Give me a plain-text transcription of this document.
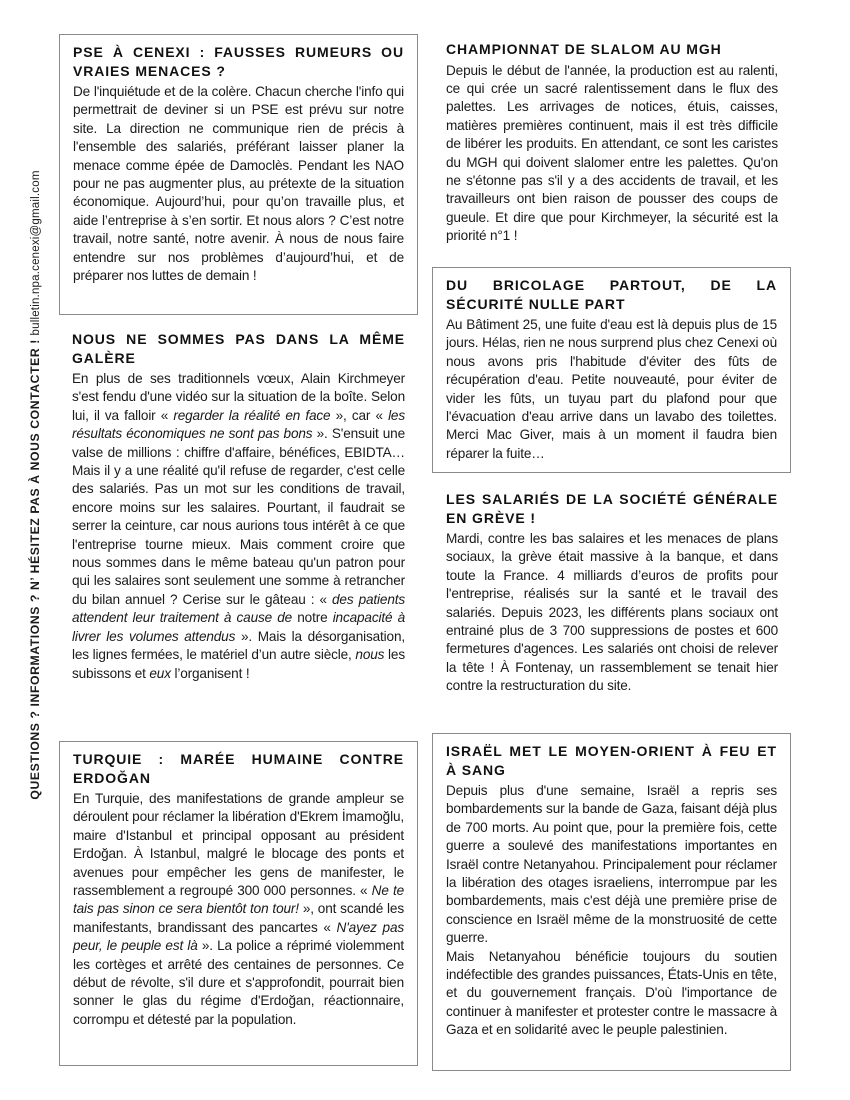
QUESTIONS ? INFORMATIONS ? N’ HÉSITEZ PAS À NOUS CONTACTER ! bulletin.npa.cenexi@gmail.com
PSE À CENEXI : FAUSSES RUMEURS OU VRAIES MENACES ?

De l'inquiétude et de la colère. Chacun cherche l'info qui permettrait de deviner si un PSE est prévu sur notre site. La direction ne communique rien de précis à l'ensemble des salariés, préférant laisser planer la menace comme épée de Damoclès. Pendant les NAO pour ne pas augmenter plus, au prétexte de la situation économique. Aujourd’hui, pour qu’on travaille plus, et aide l’entreprise à s’en sortir. Et nous alors ? C’est notre travail, notre santé, notre avenir. À nous de nous faire entendre sur nos problèmes d’aujourd’hui, et de préparer nos luttes de demain !

NOUS NE SOMMES PAS DANS LA MÊME GALÈRE

En plus de ses traditionnels vœux, Alain Kirchmeyer s'est fendu d'une vidéo sur la situation de la boîte. Selon lui, il va falloir « regarder la réalité en face », car « les résultats économiques ne sont pas bons ». S'ensuit une valse de millions : chiffre d'affaire, bénéfices, EBIDTA… Mais il y a une réalité qu'il refuse de regarder, c'est celle des salariés. Pas un mot sur les conditions de travail, encore moins sur les salaires. Pourtant, il faudrait se serrer la ceinture, car nous aurions tous intérêt à ce que l'entreprise tourne mieux. Mais comment croire que nous sommes dans le même bateau qu'un patron pour qui les salaires sont seulement une somme à retrancher du bilan annuel ? Cerise sur le gâteau : « des patients attendent leur traitement à cause de notre incapacité à livrer les volumes attendus ». Mais la désorganisation, les lignes fermées, le matériel d’un autre siècle, nous les subissons et eux l’organisent !

TURQUIE : MARÉE HUMAINE CONTRE ERDOĞAN

En Turquie, des manifestations de grande ampleur se déroulent pour réclamer la libération d'Ekrem İmamoğlu, maire d'Istanbul et principal opposant au président Erdoğan. À Istanbul, malgré le blocage des ponts et avenues pour empêcher les gens de manifester, le rassemblement a regroupé 300 000 personnes. « Ne te tais pas sinon ce sera bientôt ton tour! », ont scandé les manifestants, brandissant des pancartes « N'ayez pas peur, le peuple est là ». La police a réprimé violemment les cortèges et arrêté des centaines de personnes. Ce début de révolte, s'il dure et s'approfondit, pourrait bien sonner le glas du régime d'Erdoğan, réactionnaire, corrompu et détesté par la population.

CHAMPIONNAT DE SLALOM AU MGH

Depuis le début de l'année, la production est au ralenti, ce qui crée un sacré ralentissement dans le flux des palettes. Les arrivages de notices, étuis, caisses, matières premières continuent, mais il est très difficile de libérer les produits. En attendant, ce sont les caristes du MGH qui doivent slalomer entre les palettes. Qu'on ne s'étonne pas s'il y a des accidents de travail, et les travailleurs ont bien raison de pousser des coups de gueule. Et dire que pour Kirchmeyer, la sécurité est la priorité n°1 !

DU BRICOLAGE PARTOUT, DE LA SÉCURITÉ NULLE PART

Au Bâtiment 25, une fuite d'eau est là depuis plus de 15 jours. Hélas, rien ne nous surprend plus chez Cenexi où nous avons pris l'habitude d'éviter des fûts de récupération d'eau. Petite nouveauté, pour éviter de vider les fûts, un tuyau part du plafond pour que l'évacuation d'eau arrive dans un lavabo des toilettes. Merci Mac Giver, mais à un moment il faudra bien réparer la fuite…

LES SALARIÉS DE LA SOCIÉTÉ GÉNÉRALE EN GRÈVE !

Mardi, contre les bas salaires et les menaces de plans sociaux, la grève était massive à la banque, et dans toute la France. 4 milliards d’euros de profits pour l'entreprise, réalisés sur la santé et le travail des salariés. Depuis 2023, les différents plans sociaux ont entrainé plus de 3 700 suppressions de postes et 600 fermetures d'agences. Les salariés ont choisi de relever la tête ! À Fontenay, un rassemblement se tenait hier contre la restructuration du site.

ISRAËL MET LE MOYEN-ORIENT À FEU ET À SANG

Depuis plus d'une semaine, Israël a repris ses bombardements sur la bande de Gaza, faisant déjà plus de 700 morts. Au point que, pour la première fois, cette guerre a soulevé des manifestations importantes en Israël contre Netanyahou. Principalement pour réclamer la libération des otages israeliens, interrompue par les bombardements, mais c'est déjà une première prise de conscience en Israël même de la monstruosité de cette guerre.

Mais Netanyahou bénéficie toujours du soutien indéfectible des grandes puissances, États-Unis en tête, et du gouvernement français. D'où l'importance de continuer à manifester et protester contre le massacre à Gaza et en solidarité avec le peuple palestinien.
